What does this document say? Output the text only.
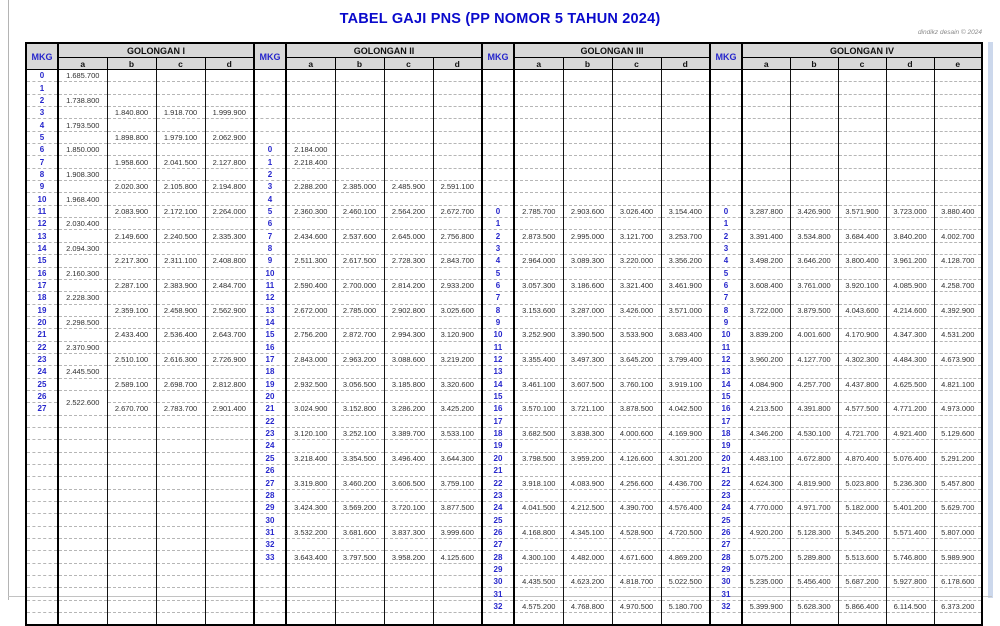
TABEL GAJI PNS (PP NOMOR 5 TAHUN 2024)
dindikz desain © 2024
MKG	GOLONGAN I				MKG	GOLONGAN II				MKG	GOLONGAN III				MKG	GOLONGAN IV				
	a	b	c	d		a	b	c	d		a	b	c	d		a	b	c	d	e
0	1.685.700																			
1																				
2	1.738.800																			
3		1.840.800	1.918.700	1.999.900																
4	1.793.500																			
5		1.898.800	1.979.100	2.062.900																
6	1.850.000				0	2.184.000														
7		1.958.600	2.041.500	2.127.800	1	2.218.400														
8	1.908.300				2															
9		2.020.300	2.105.800	2.194.800	3	2.288.200	2.385.000	2.485.900	2.591.100											
10	1.968.400				4															
11		2.083.900	2.172.100	2.264.000	5	2.360.300	2.460.100	2.564.200	2.672.700	0	2.785.700	2.903.600	3.026.400	3.154.400	0	3.287.800	3.426.900	3.571.900	3.723.000	3.880.400
12	2.030.400				6					1					1					
13		2.149.600	2.240.500	2.335.300	7	2.434.600	2.537.600	2.645.000	2.756.800	2	2.873.500	2.995.000	3.121.700	3.253.700	2	3.391.400	3.534.800	3.684.400	3.840.200	4.002.700
14	2.094.300				8					3					3					
15		2.217.300	2.311.100	2.408.800	9	2.511.300	2.617.500	2.728.300	2.843.700	4	2.964.000	3.089.300	3.220.000	3.356.200	4	3.498.200	3.646.200	3.800.400	3.961.200	4.128.700
16	2.160.300				10					5					5					
17		2.287.100	2.383.900	2.484.700	11	2.590.400	2.700.000	2.814.200	2.933.200	6	3.057.300	3.186.600	3.321.400	3.461.900	6	3.608.400	3.761.000	3.920.100	4.085.900	4.258.700
18	2.228.300				12					7					7					
19		2.359.100	2.458.900	2.562.900	13	2.672.000	2.785.000	2.902.800	3.025.600	8	3.153.600	3.287.000	3.426.000	3.571.000	8	3.722.000	3.879.500	4.043.600	4.214.600	4.392.900
20	2.298.500				14					9					9					
21		2.433.400	2.536.400	2.643.700	15	2.756.200	2.872.700	2.994.300	3.120.900	10	3.252.900	3.390.500	3.533.900	3.683.400	10	3.839.200	4.001.600	4.170.900	4.347.300	4.531.200
22	2.370.900				16					11					11					
23		2.510.100	2.616.300	2.726.900	17	2.843.000	2.963.200	3.088.600	3.219.200	12	3.355.400	3.497.300	3.645.200	3.799.400	12	3.960.200	4.127.700	4.302.300	4.484.300	4.673.900
24	2.445.500				18					13					13					
25		2.589.100	2.698.700	2.812.800	19	2.932.500	3.056.500	3.185.800	3.320.600	14	3.461.100	3.607.500	3.760.100	3.919.100	14	4.084.900	4.257.700	4.437.800	4.625.500	4.821.100
26	2.522.600				20					15					15					
27		2.670.700	2.783.700	2.901.400	21	3.024.900	3.152.800	3.286.200	3.425.200	16	3.570.100	3.721.100	3.878.500	4.042.500	16	4.213.500	4.391.800	4.577.500	4.771.200	4.973.000
					22					17					17					
					23	3.120.100	3.252.100	3.389.700	3.533.100	18	3.682.500	3.838.300	4.000.600	4.169.900	18	4.346.200	4.530.100	4.721.700	4.921.400	5.129.600
					24					19					19					
					25	3.218.400	3.354.500	3.496.400	3.644.300	20	3.798.500	3.959.200	4.126.600	4.301.200	20	4.483.100	4.672.800	4.870.400	5.076.400	5.291.200
					26					21					21					
					27	3.319.800	3.460.200	3.606.500	3.759.100	22	3.918.100	4.083.900	4.256.600	4.436.700	22	4.624.300	4.819.900	5.023.800	5.236.300	5.457.800
					28					23					23					
					29	3.424.300	3.569.200	3.720.100	3.877.500	24	4.041.500	4.212.500	4.390.700	4.576.400	24	4.770.000	4.971.700	5.182.000	5.401.200	5.629.700
					30					25					25					
					31	3.532.200	3.681.600	3.837.300	3.999.600	26	4.168.800	4.345.100	4.528.900	4.720.500	26	4.920.200	5.128.300	5.345.200	5.571.400	5.807.000
					32					27					27					
					33	3.643.400	3.797.500	3.958.200	4.125.600	28	4.300.100	4.482.000	4.671.600	4.869.200	28	5.075.200	5.289.800	5.513.600	5.746.800	5.989.900
										29					29					
										30	4.435.500	4.623.200	4.818.700	5.022.500	30	5.235.000	5.456.400	5.687.200	5.927.800	6.178.600
										31					31					
										32	4.575.200	4.768.800	4.970.500	5.180.700	32	5.399.900	5.628.300	5.866.400	6.114.500	6.373.200
